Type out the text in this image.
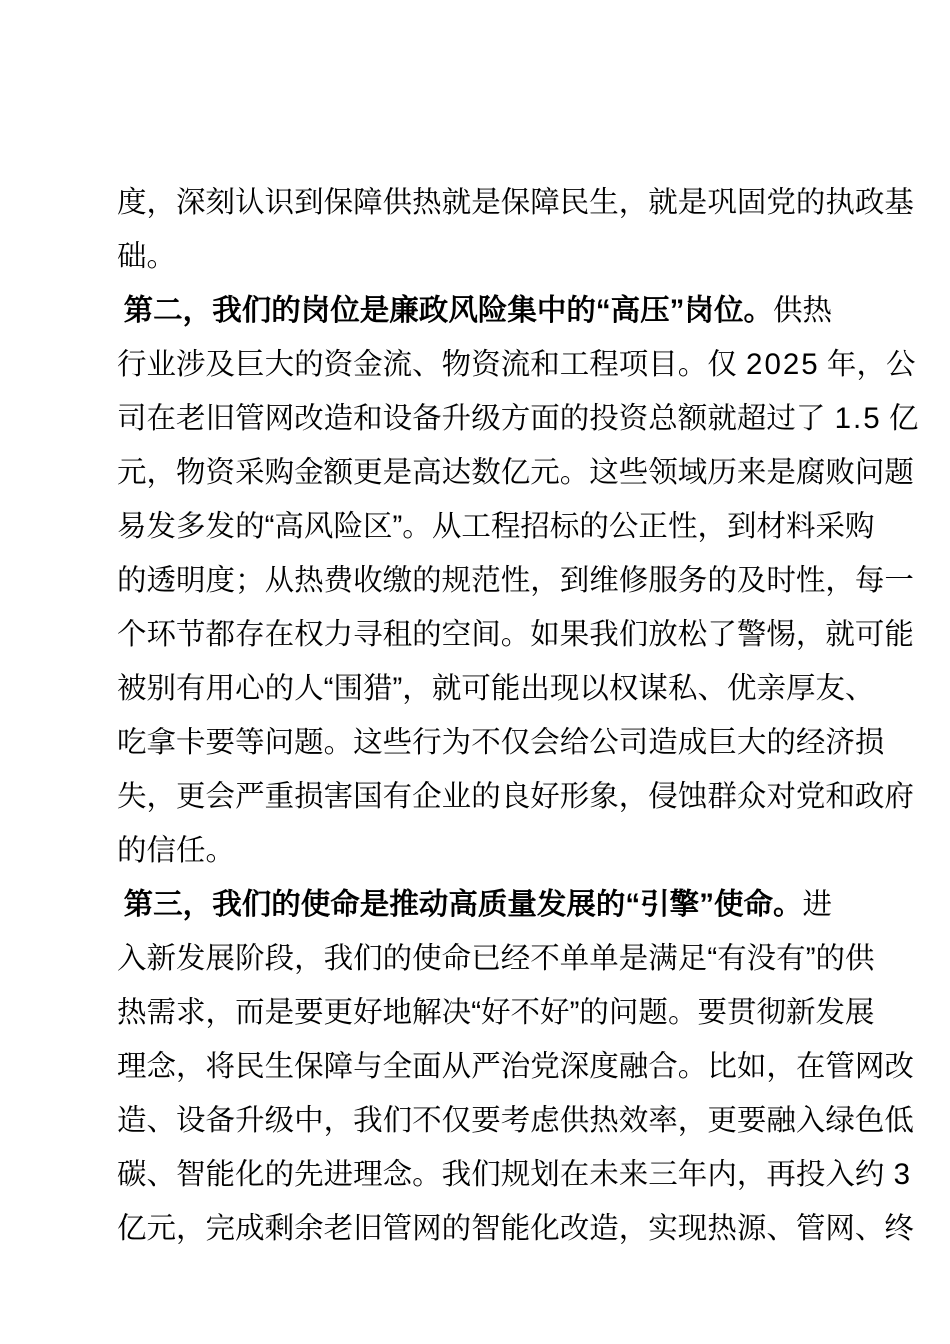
度 ， 深 刻 认 识 到 保 障 供 热 就 是 保 障 民 生 ， 就 是 巩 固 党 的 执 政 基
础。
第 二 ， 我 们 的 岗 位 是 廉 政 风 险 集 中 的 “ 高 压 ” 岗 位 。 供 热
行 业 涉 及 巨 大 的 资 金 流 、 物 资 流 和 工 程 项 目 。 仅
2 0 2 5
年 ， 公
司 在 老 旧 管 网 改 造 和 设 备 升 级 方 面 的 投 资 总 额 就 超 过 了
1 . 5
亿
元 ， 物 资 采 购 金 额 更 是 高 达 数 亿 元 。 这 些 领 域 历 来 是 腐 败 问 题
易 发 多 发 的 “ 高 风 险 区 ” 。 从 工 程 招 标 的 公 正 性 ， 到 材 料 采 购
的 透 明 度 ； 从 热 费 收 缴 的 规 范 性 ， 到 维 修 服 务 的 及 时 性 ， 每 一
个 环 节 都 存 在 权 力 寻 租 的 空 间 。 如 果 我 们 放 松 了 警 惕 ， 就 可 能
被 别 有 用 心 的 人 “ 围 猎 ” ， 就 可 能 出 现 以 权 谋 私 、 优 亲 厚 友 、
吃 拿 卡 要 等 问 题 。 这 些 行 为 不 仅 会 给 公 司 造 成 巨 大 的 经 济 损
失 ， 更 会 严 重 损 害 国 有 企 业 的 良 好 形 象 ， 侵 蚀 群 众 对 党 和 政 府
的信任。
第 三 ， 我 们 的 使 命 是 推 动 高 质 量 发 展 的 “ 引 擎 ” 使 命 。 进
入 新 发 展 阶 段 ， 我 们 的 使 命 已 经 不 单 单 是 满 足 “ 有 没 有 ” 的 供
热 需 求 ， 而 是 要 更 好 地 解 决 “ 好 不 好 ” 的 问 题 。 要 贯 彻 新 发 展
理 念 ， 将 民 生 保 障 与 全 面 从 严 治 党 深 度 融 合 。 比 如 ， 在 管 网 改
造 、 设 备 升 级 中 ， 我 们 不 仅 要 考 虑 供 热 效 率 ， 更 要 融 入 绿 色 低
碳 、 智 能 化 的 先 进 理 念 。 我 们 规 划 在 未 来 三 年 内 ， 再 投 入 约
3
亿 元 ， 完 成 剩 余 老 旧 管 网 的 智 能 化 改 造 ， 实 现 热 源 、 管 网 、 终
